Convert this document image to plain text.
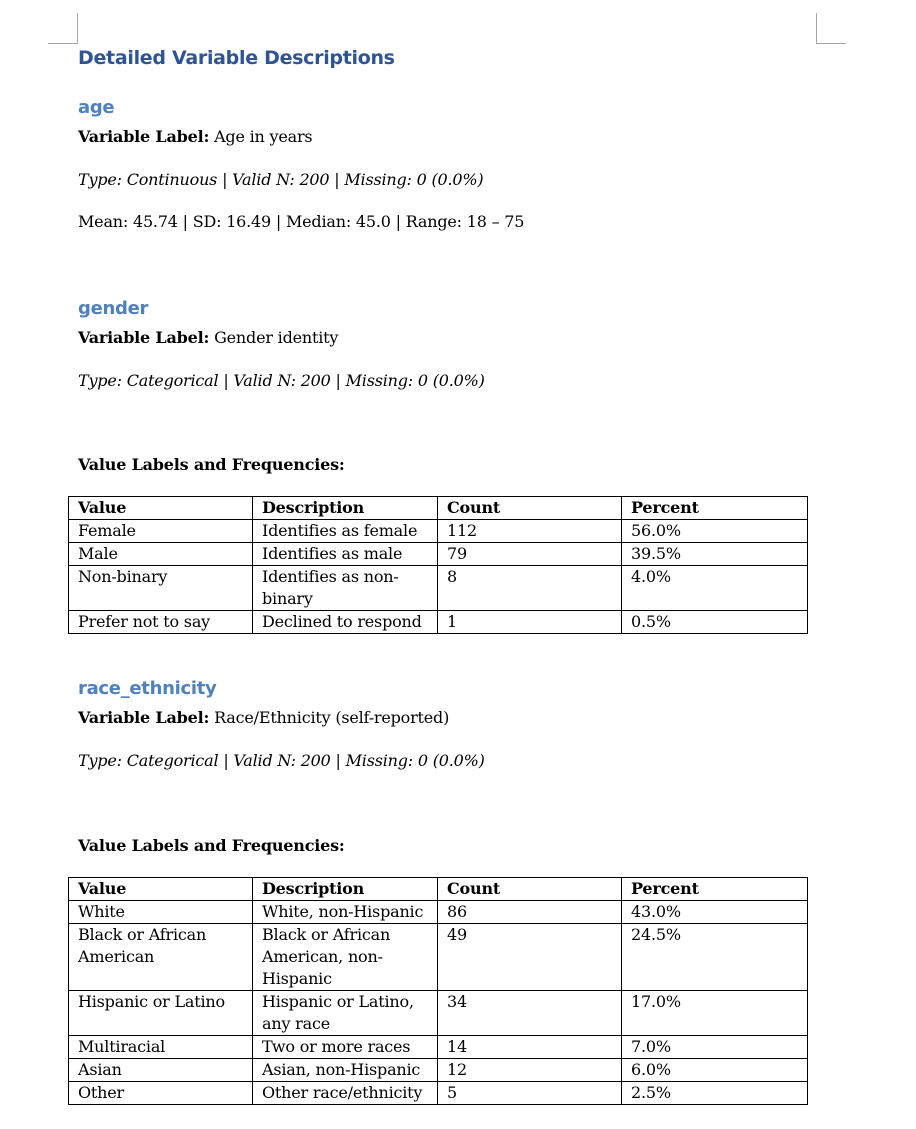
Detailed Variable Descriptions
age

Variable Label: Age in years

Type: Continuous | Valid N: 200 | Missing: 0 (0.0%)

Mean: 45.74 | SD: 16.49 | Median: 45.0 | Range: 18 – 75

gender

Variable Label: Gender identity

Type: Categorical | Valid N: 200 | Missing: 0 (0.0%)

Value Labels and Frequencies:

Value	Description	Count	Percent
Female	Identifies as female	112	56.0%
Male	Identifies as male	79	39.5%
Non-binary	Identifies as non-binary	8	4.0%
Prefer not to say	Declined to respond	1	0.5%
race_ethnicity

Variable Label: Race/Ethnicity (self-reported)

Type: Categorical | Valid N: 200 | Missing: 0 (0.0%)

Value Labels and Frequencies:

Value	Description	Count	Percent
White	White, non-Hispanic	86	43.0%
Black or African American	Black or African American, non-Hispanic	49	24.5%
Hispanic or Latino	Hispanic or Latino, any race	34	17.0%
Multiracial	Two or more races	14	7.0%
Asian	Asian, non-Hispanic	12	6.0%
Other	Other race/ethnicity	5	2.5%
